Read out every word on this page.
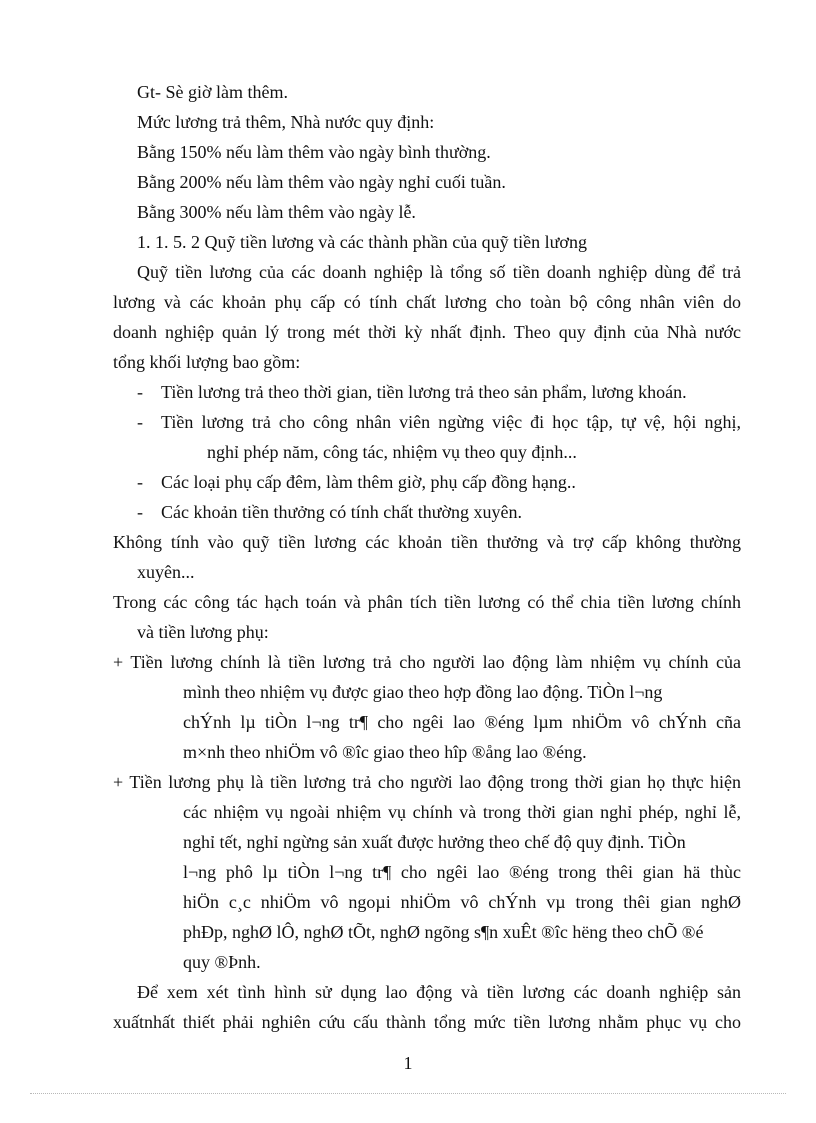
Gt- Sè giờ làm thêm.
Mức lương trả thêm, Nhà nước quy định:
Bằng 150% nếu làm thêm vào ngày bình thường.
Bằng 200% nếu làm thêm vào ngày nghỉ cuối tuần.
Bằng 300% nếu làm thêm vào ngày lễ.
1. 1. 5. 2 Quỹ tiền lương và các thành phần của quỹ tiền lương
Quỹ tiền lương của các doanh nghiệp là tổng số tiền doanh nghiệp dùng để trả
lương và các khoản phụ cấp có tính chất lương cho toàn bộ công nhân viên do
doanh nghiệp quản lý trong mét thời kỳ nhất định. Theo quy định của Nhà nước
tổng khối lượng bao gồm:
- Tiền lương trả theo thời gian, tiền lương trả theo sản phẩm, lương khoán.
- Tiền lương trả cho công nhân viên ngừng việc đi học tập, tự vệ, hội nghị,
nghỉ phép năm, công tác, nhiệm vụ theo quy định...
- Các loại phụ cấp đêm, làm thêm giờ, phụ cấp đồng hạng..
- Các khoản tiền thưởng có tính chất thường xuyên.
Không tính vào quỹ tiền lương các khoản tiền thưởng và trợ cấp không thường
xuyên...
Trong các công tác hạch toán và phân tích tiền lương có thể chia tiền lương chính
và tiền lương phụ:
+ Tiền lương chính là tiền lương trả cho người lao động làm nhiệm vụ chính của
mình theo nhiệm vụ được giao theo hợp đồng lao động. TiÒn l¬ng
chÝnh lµ tiÒn l¬ng tr¶ cho ngêi lao ®éng lµm nhiÖm vô chÝnh cña
m×nh theo nhiÖm vô ®îc giao theo hîp ®ång lao ®éng.
+ Tiền lương phụ là tiền lương trả cho người lao động trong thời gian họ thực hiện
các nhiệm vụ ngoài nhiệm vụ chính và trong thời gian nghỉ phép, nghỉ lễ,
nghỉ tết, nghỉ ngừng sản xuất được hưởng theo chế độ quy định. TiÒn
l¬ng phô lµ tiÒn l¬ng tr¶ cho ngêi lao ®éng trong thêi gian hä thùc
hiÖn c¸c nhiÖm vô ngoµi nhiÖm vô chÝnh vµ trong thêi gian nghØ
phÐp, nghØ lÔ, nghØ tÕt, nghØ ngõng s¶n xuÊt ®îc hëng theo chÕ ®é
quy ®Þnh.
Để xem xét tình hình sử dụng lao động và tiền lương các doanh nghiệp sản
xuấtnhất thiết phải nghiên cứu cấu thành tổng mức tiền lương nhằm phục vụ cho
1
